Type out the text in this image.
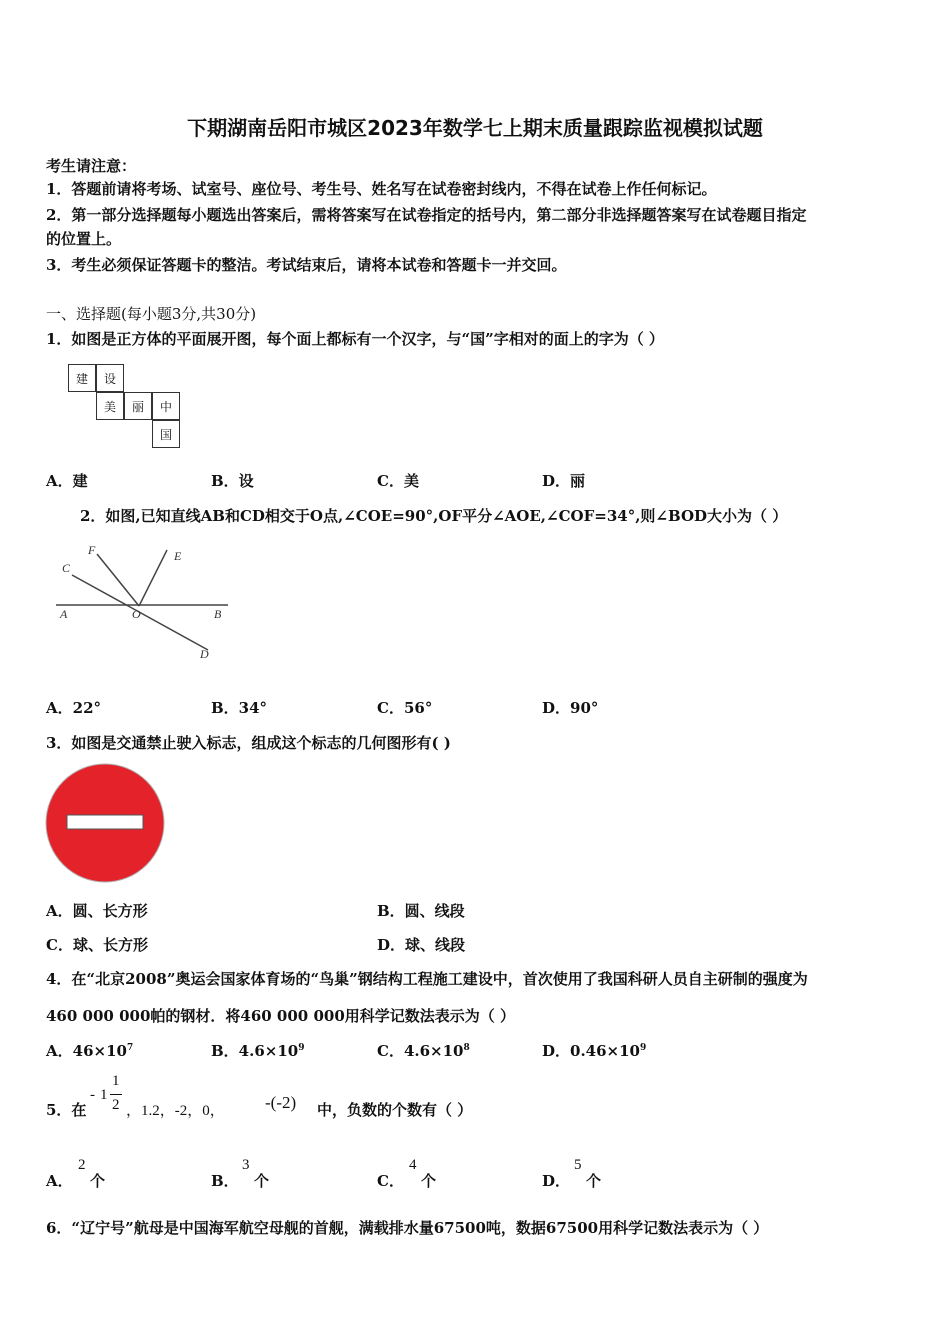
下期湖南岳阳市城区2023年数学七上期末质量跟踪监视模拟试题
考生请注意：
1．答题前请将考场、试室号、座位号、考生号、姓名写在试卷密封线内，不得在试卷上作任何标记。
2．第一部分选择题每小题选出答案后，需将答案写在试卷指定的括号内，第二部分非选择题答案写在试卷题目指定
的位置上。
3．考生必须保证答题卡的整洁。考试结束后，请将本试卷和答题卡一并交回。
一、选择题(每小题3分,共30分)
1．如图是正方体的平面展开图，每个面上都标有一个汉字，与“国”字相对的面上的字为（ ）
建	设
美	丽	中
国
A．建	B．设	C．美	D．丽
2．如图,已知直线AB和CD相交于O点,∠COE=90°,OF平分∠AOE,∠COF=34°,则∠BOD大小为（ ）
F	E
C
A	O	B
D
A．22°	B．34°	C．56°	D．90°
3．如图是交通禁止驶入标志，组成这个标志的几何图形有( )
A．圆、长方形	B．圆、线段
C．球、长方形	D．球、线段
4．在“北京2008”奥运会国家体育场的“鸟巢”钢结构工程施工建设中，首次使用了我国科研人员自主研制的强度为
460 000 000帕的钢材．将460 000 000用科学记数法表示为（ ）
A．$46\times 10^7$	B．$4.6\times 10^9$	C．$4.6\times 10^8$	D．$0.46\times 10^9$
5．在
- 1
1
2 ，1.2，-2，0， -(-2) 中，负数的个数有（ ）
A．
2
个	B．
3
个	C．
4
个	D．
5
个
6．“辽宁号”航母是中国海军航空母舰的首舰，满载排水量67500吨，数据67500用科学记数法表示为（ ）
